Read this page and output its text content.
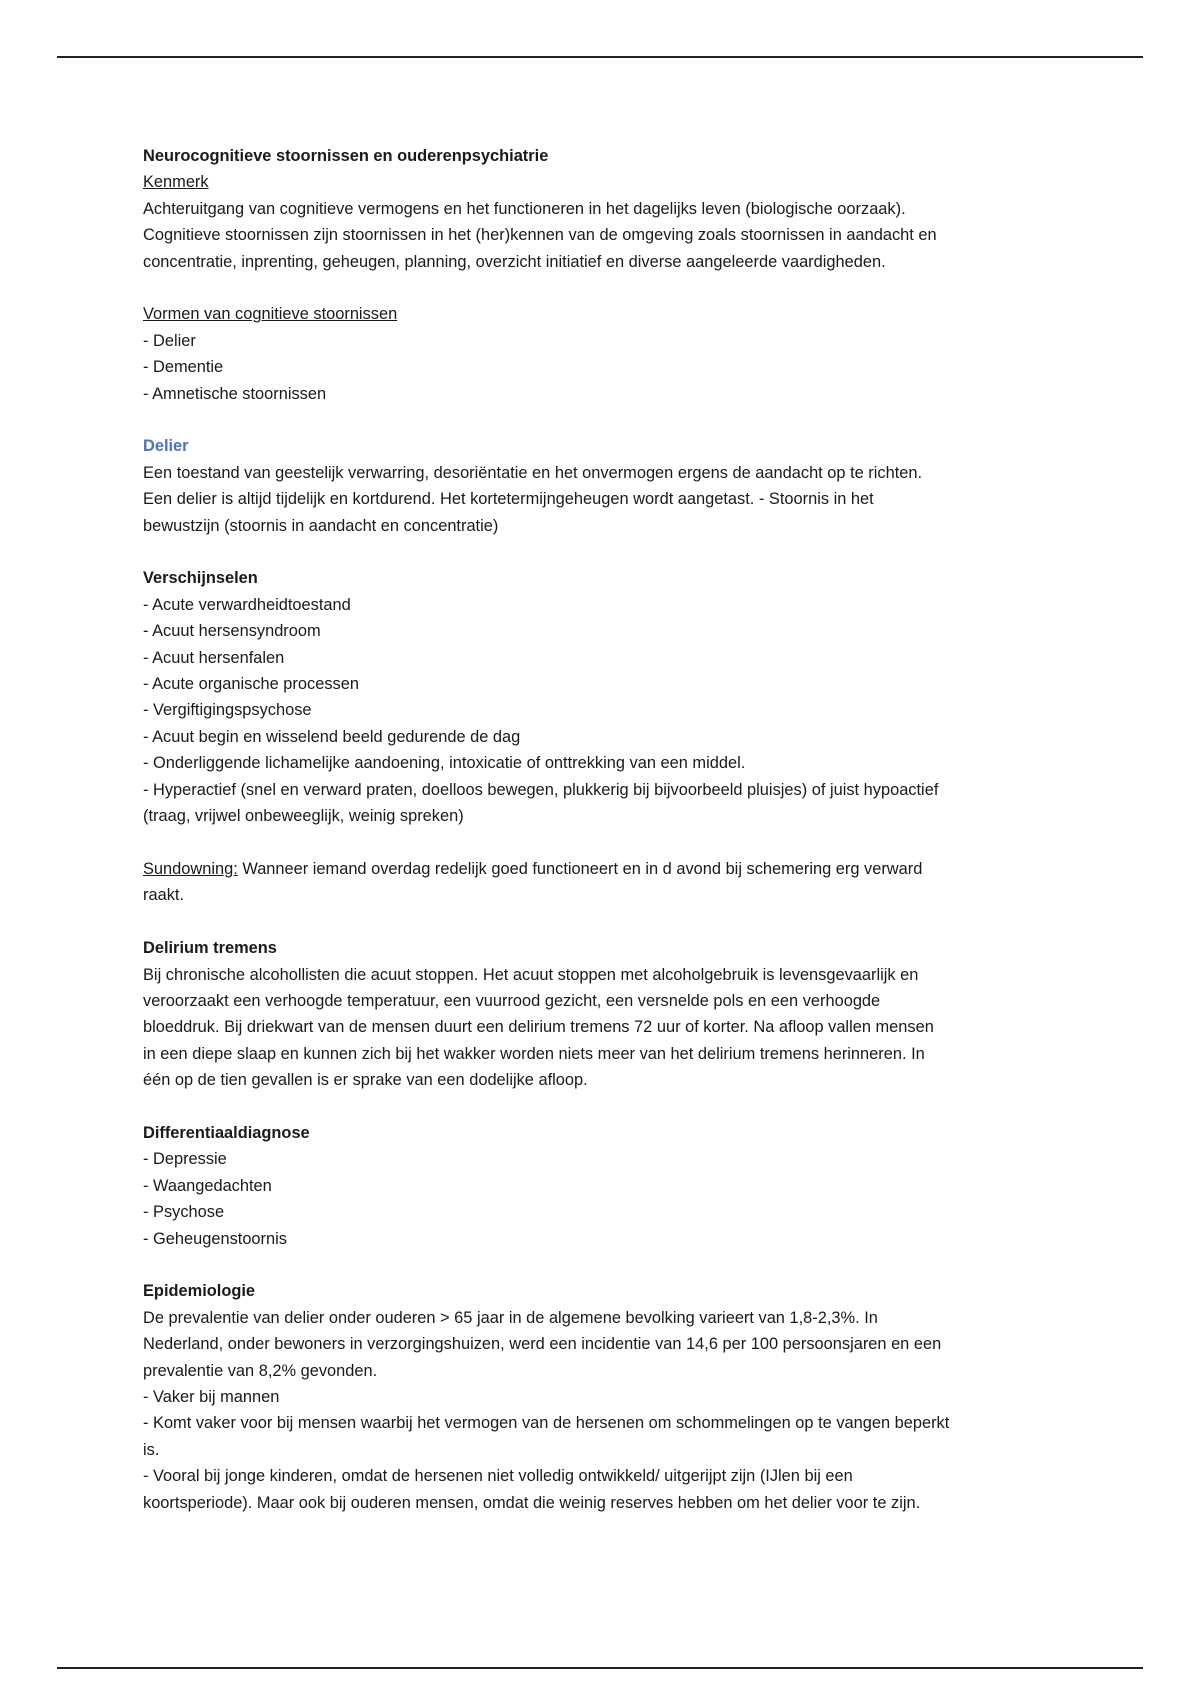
Neurocognitieve stoornissen en ouderenpsychiatrie
Kenmerk
Achteruitgang van cognitieve vermogens en het functioneren in het dagelijks leven (biologische oorzaak).
Cognitieve stoornissen zijn stoornissen in het (her)kennen van de omgeving zoals stoornissen in aandacht en
concentratie, inprenting, geheugen, planning, overzicht initiatief en diverse aangeleerde vaardigheden.
Vormen van cognitieve stoornissen
- Delier
- Dementie
- Amnetische stoornissen
Delier
Een toestand van geestelijk verwarring, desoriëntatie en het onvermogen ergens de aandacht op te richten.
Een delier is altijd tijdelijk en kortdurend. Het kortetermijngeheugen wordt aangetast. - Stoornis in het
bewustzijn (stoornis in aandacht en concentratie)
Verschijnselen
- Acute verwardheidtoestand
- Acuut hersensyndroom
- Acuut hersenfalen
- Acute organische processen
- Vergiftigingspsychose
- Acuut begin en wisselend beeld gedurende de dag
- Onderliggende lichamelijke aandoening, intoxicatie of onttrekking van een middel.
- Hyperactief (snel en verward praten, doelloos bewegen, plukkerig bij bijvoorbeeld pluisjes) of juist hypoactief
(traag, vrijwel onbeweeglijk, weinig spreken)
Sundowning: Wanneer iemand overdag redelijk goed functioneert en in d avond bij schemering erg verward
raakt.
Delirium tremens
Bij chronische alcohollisten die acuut stoppen. Het acuut stoppen met alcoholgebruik is levensgevaarlijk en
veroorzaakt een verhoogde temperatuur, een vuurrood gezicht, een versnelde pols en een verhoogde
bloeddruk. Bij driekwart van de mensen duurt een delirium tremens 72 uur of korter. Na afloop vallen mensen
in een diepe slaap en kunnen zich bij het wakker worden niets meer van het delirium tremens herinneren. In
één op de tien gevallen is er sprake van een dodelijke afloop.
Differentiaaldiagnose
- Depressie
- Waangedachten
- Psychose
- Geheugenstoornis
Epidemiologie
De prevalentie van delier onder ouderen > 65 jaar in de algemene bevolking varieert van 1,8-2,3%. In
Nederland, onder bewoners in verzorgingshuizen, werd een incidentie van 14,6 per 100 persoonsjaren en een
prevalentie van 8,2% gevonden.
- Vaker bij mannen
- Komt vaker voor bij mensen waarbij het vermogen van de hersenen om schommelingen op te vangen beperkt
is.
- Vooral bij jonge kinderen, omdat de hersenen niet volledig ontwikkeld/ uitgerijpt zijn (IJlen bij een
koortsperiode). Maar ook bij ouderen mensen, omdat die weinig reserves hebben om het delier voor te zijn.
